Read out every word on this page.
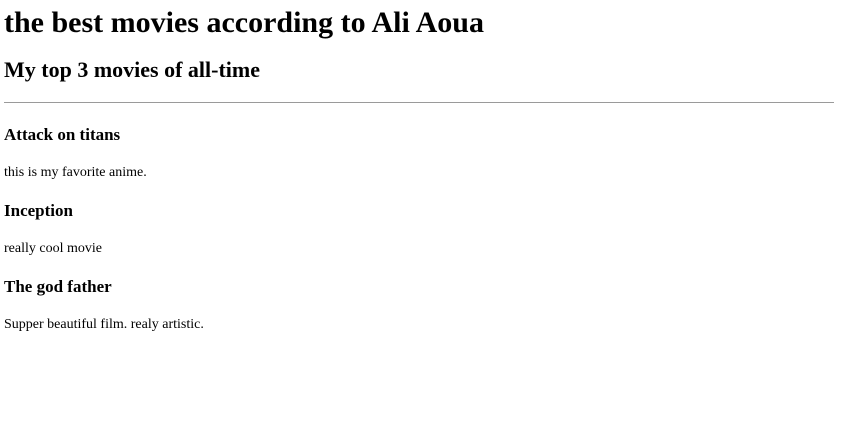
the best movies according to Ali Aoua
My top 3 movies of all-time
Attack on titans

this is my favorite anime.

Inception

really cool movie

The god father

Supper beautiful film. realy artistic.
